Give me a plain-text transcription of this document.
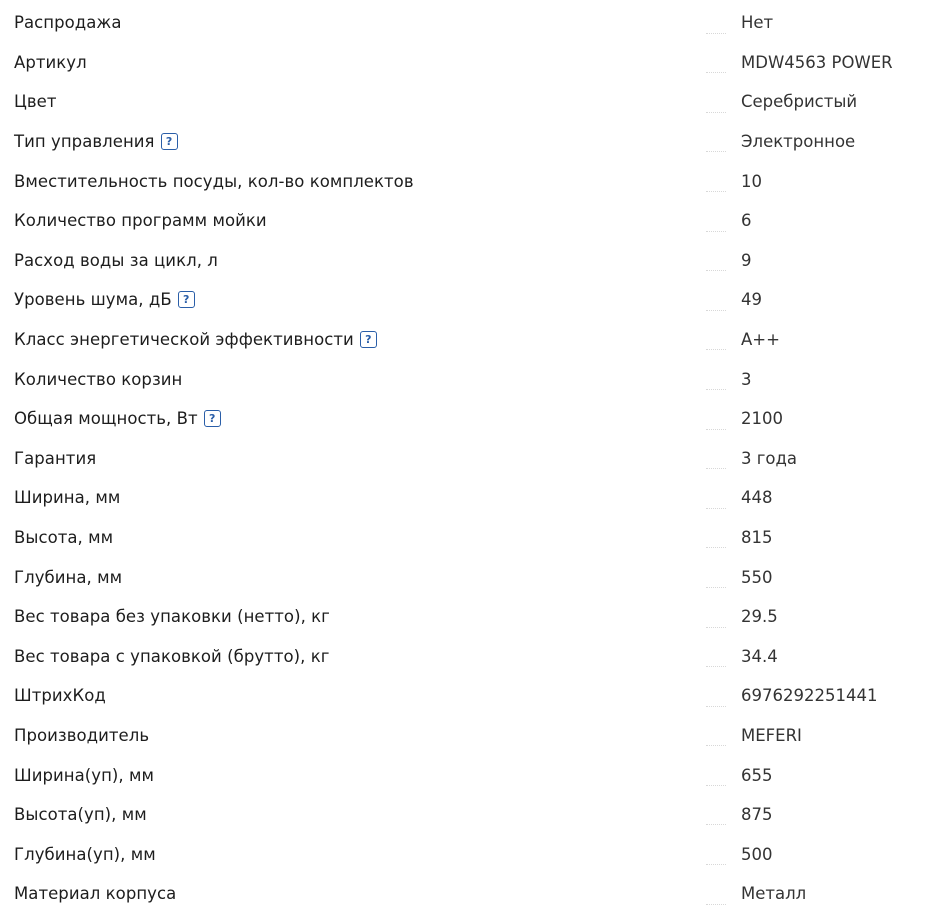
Распродажа	Нет
Артикул	MDW4563 POWER
Цвет	Серебристый
Тип управления	?	Электронное
Вместительность посуды, кол-во комплектов	10
Количество программ мойки	6
Расход воды за цикл, л	9
Уровень шума, дБ	?	49
Класс энергетической эффективности	?	A++
Количество корзин	3
Общая мощность, Вт	?	2100
Гарантия	3 года
Ширина, мм	448
Высота, мм	815
Глубина, мм	550
Вес товара без упаковки (нетто), кг	29.5
Вес товара с упаковкой (брутто), кг	34.4
ШтрихКод	6976292251441
Производитель	MEFERI
Ширина(уп), мм	655
Высота(уп), мм	875
Глубина(уп), мм	500
Материал корпуса	Металл
